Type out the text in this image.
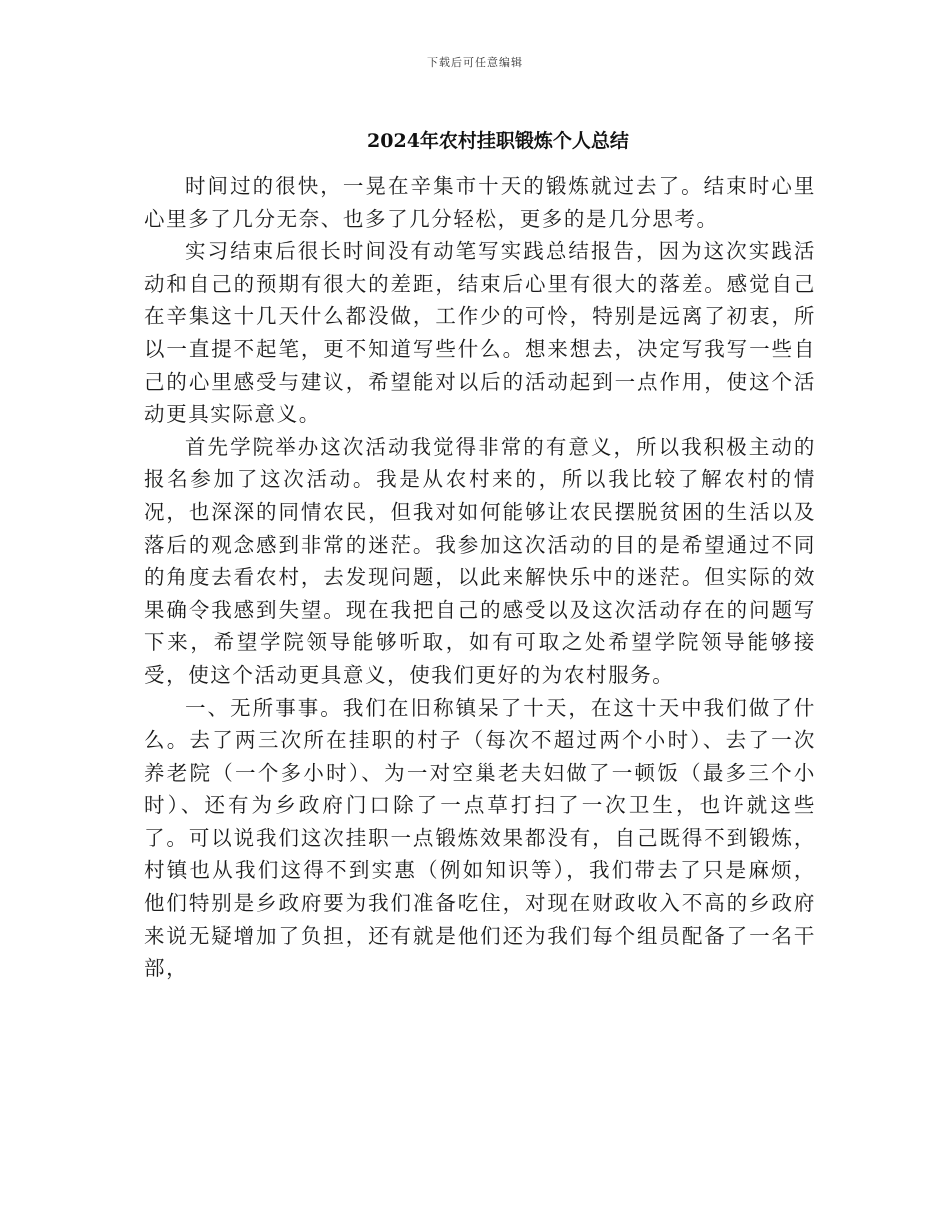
下载后可任意编辑
2024年农村挂职锻炼个人总结

时间过的很快，一晃在辛集市十天的锻炼就过去了。结束时心里心里多了几分无奈、也多了几分轻松，更多的是几分思考。

实习结束后很长时间没有动笔写实践总结报告，因为这次实践活动和自己的预期有很大的差距，结束后心里有很大的落差。感觉自己在辛集这十几天什么都没做，工作少的可怜，特别是远离了初衷，所以一直提不起笔，更不知道写些什么。想来想去，决定写我写一些自己的心里感受与建议，希望能对以后的活动起到一点作用，使这个活动更具实际意义。

首先学院举办这次活动我觉得非常的有意义，所以我积极主动的报名参加了这次活动。我是从农村来的，所以我比较了解农村的情况，也深深的同情农民，但我对如何能够让农民摆脱贫困的生活以及落后的观念感到非常的迷茫。我参加这次活动的目的是希望通过不同的角度去看农村，去发现问题，以此来解快乐中的迷茫。但实际的效果确令我感到失望。现在我把自己的感受以及这次活动存在的问题写下来，希望学院领导能够听取，如有可取之处希望学院领导能够接受，使这个活动更具意义，使我们更好的为农村服务。

一、无所事事。我们在旧称镇呆了十天，在这十天中我们做了什么。去了两三次所在挂职的村子（每次不超过两个小时）、去了一次养老院（一个多小时）、为一对空巢老夫妇做了一顿饭（最多三个小时）、还有为乡政府门口除了一点草打扫了一次卫生，也许就这些了。可以说我们这次挂职一点锻炼效果都没有，自己既得不到锻炼，村镇也从我们这得不到实惠（例如知识等），我们带去了只是麻烦，他们特别是乡政府要为我们准备吃住，对现在财政收入不高的乡政府来说无疑增加了负担，还有就是他们还为我们每个组员配备了一名干部，
